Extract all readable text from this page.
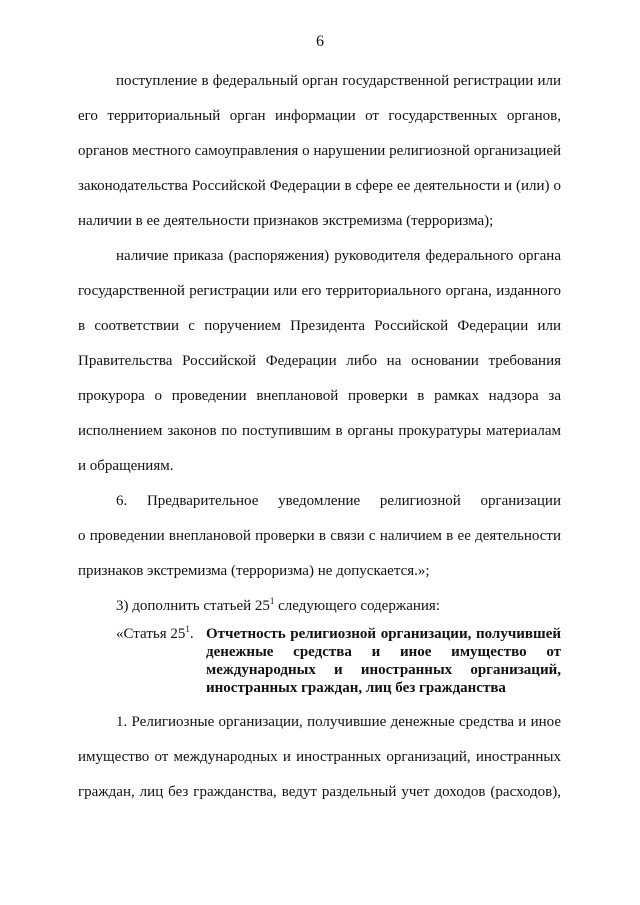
6
поступление в федеральный орган государственной регистрации или
его территориальный орган информации от государственных органов,
органов местного самоуправления о нарушении религиозной организацией
законодательства Российской Федерации в сфере ее деятельности и (или) о
наличии в ее деятельности признаков экстремизма (терроризма);
наличие приказа (распоряжения) руководителя федерального органа
государственной регистрации или его территориального органа, изданного
в соответствии с поручением Президента Российской Федерации или
Правительства Российской Федерации либо на основании требования
прокурора о проведении внеплановой проверки в рамках надзора за
исполнением законов по поступившим в органы прокуратуры материалам
и обращениям.
6. Предварительное уведомление религиозной организации
о проведении внеплановой проверки в связи с наличием в ее деятельности
признаков экстремизма (терроризма) не допускается.»;
3) дополнить статьей $25^1$ следующего содержания:
«Статья $25^1$. Отчетность религиозной организации, получившей
денежные средства и иное имущество от
международных и иностранных организаций,
иностранных граждан, лиц без гражданства
1. Религиозные организации, получившие денежные средства и иное
имущество от международных и иностранных организаций, иностранных
граждан, лиц без гражданства, ведут раздельный учет доходов (расходов),
